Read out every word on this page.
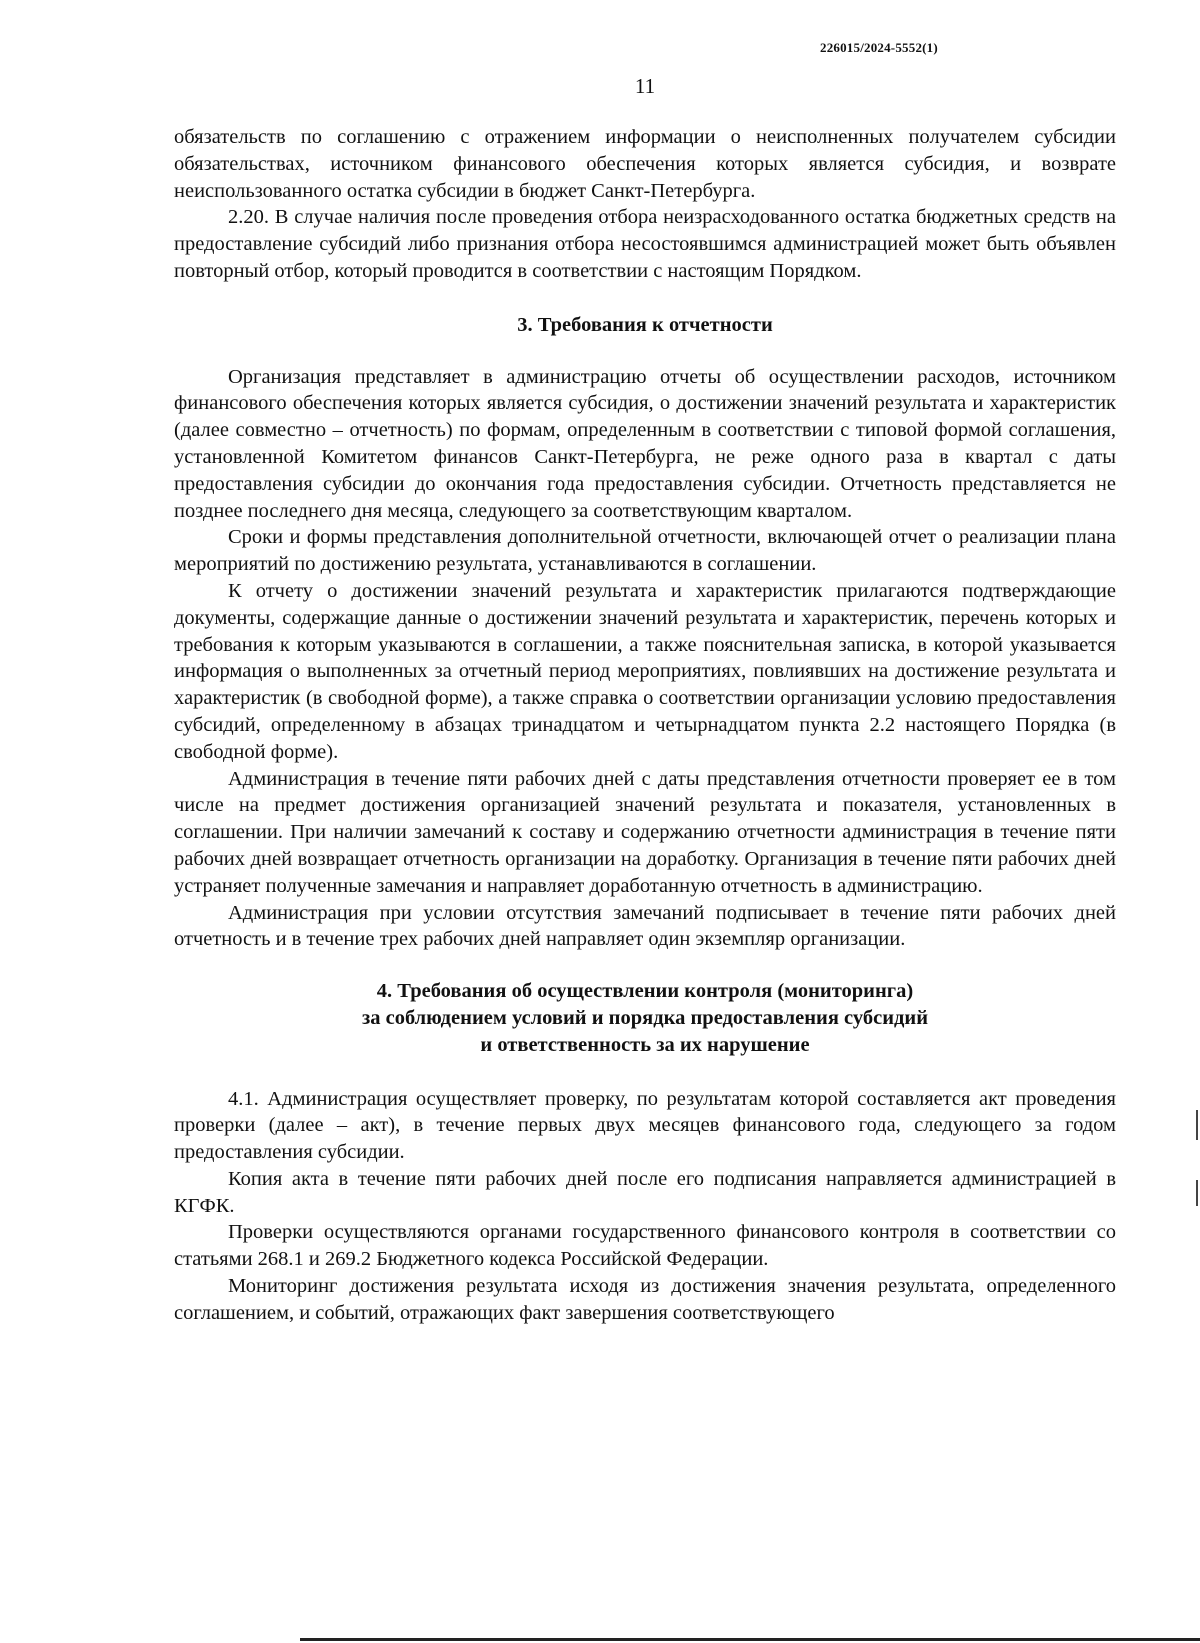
226015/2024-5552(1)
11

обязательств по соглашению с отражением информации о неисполненных получателем субсидии обязательствах, источником финансового обеспечения которых является субсидия, и возврате неиспользованного остатка субсидии в бюджет Санкт-Петербурга.

2.20. В случае наличия после проведения отбора неизрасходованного остатка бюджетных средств на предоставление субсидий либо признания отбора несостоявшимся администрацией может быть объявлен повторный отбор, который проводится в соответствии с настоящим Порядком.

3. Требования к отчетности

Организация представляет в администрацию отчеты об осуществлении расходов, источником финансового обеспечения которых является субсидия, о достижении значений результата и характеристик (далее совместно – отчетность) по формам, определенным в соответствии с типовой формой соглашения, установленной Комитетом финансов Санкт-Петербурга, не реже одного раза в квартал с даты предоставления субсидии до окончания года предоставления субсидии. Отчетность представляется не позднее последнего дня месяца, следующего за соответствующим кварталом.

Сроки и формы представления дополнительной отчетности, включающей отчет о реализации плана мероприятий по достижению результата, устанавливаются в соглашении.

К отчету о достижении значений результата и характеристик прилагаются подтверждающие документы, содержащие данные о достижении значений результата и характеристик, перечень которых и требования к которым указываются в соглашении, а также пояснительная записка, в которой указывается информация о выполненных за отчетный период мероприятиях, повлиявших на достижение результата и характеристик (в свободной форме), а также справка о соответствии организации условию предоставления субсидий, определенному в абзацах тринадцатом и четырнадцатом пункта 2.2 настоящего Порядка (в свободной форме).

Администрация в течение пяти рабочих дней с даты представления отчетности проверяет ее в том числе на предмет достижения организацией значений результата и показателя, установленных в соглашении. При наличии замечаний к составу и содержанию отчетности администрация в течение пяти рабочих дней возвращает отчетность организации на доработку. Организация в течение пяти рабочих дней устраняет полученные замечания и направляет доработанную отчетность в администрацию.

Администрация при условии отсутствия замечаний подписывает в течение пяти рабочих дней отчетность и в течение трех рабочих дней направляет один экземпляр организации.

4. Требования об осуществлении контроля (мониторинга)
за соблюдением условий и порядка предоставления субсидий
и ответственность за их нарушение

4.1. Администрация осуществляет проверку, по результатам которой составляется акт проведения проверки (далее – акт), в течение первых двух месяцев финансового года, следующего за годом предоставления субсидии.

Копия акта в течение пяти рабочих дней после его подписания направляется администрацией в КГФК.

Проверки осуществляются органами государственного финансового контроля в соответствии со статьями 268.1 и 269.2 Бюджетного кодекса Российской Федерации.

Мониторинг достижения результата исходя из достижения значения результата, определенного соглашением, и событий, отражающих факт завершения соответствующего
